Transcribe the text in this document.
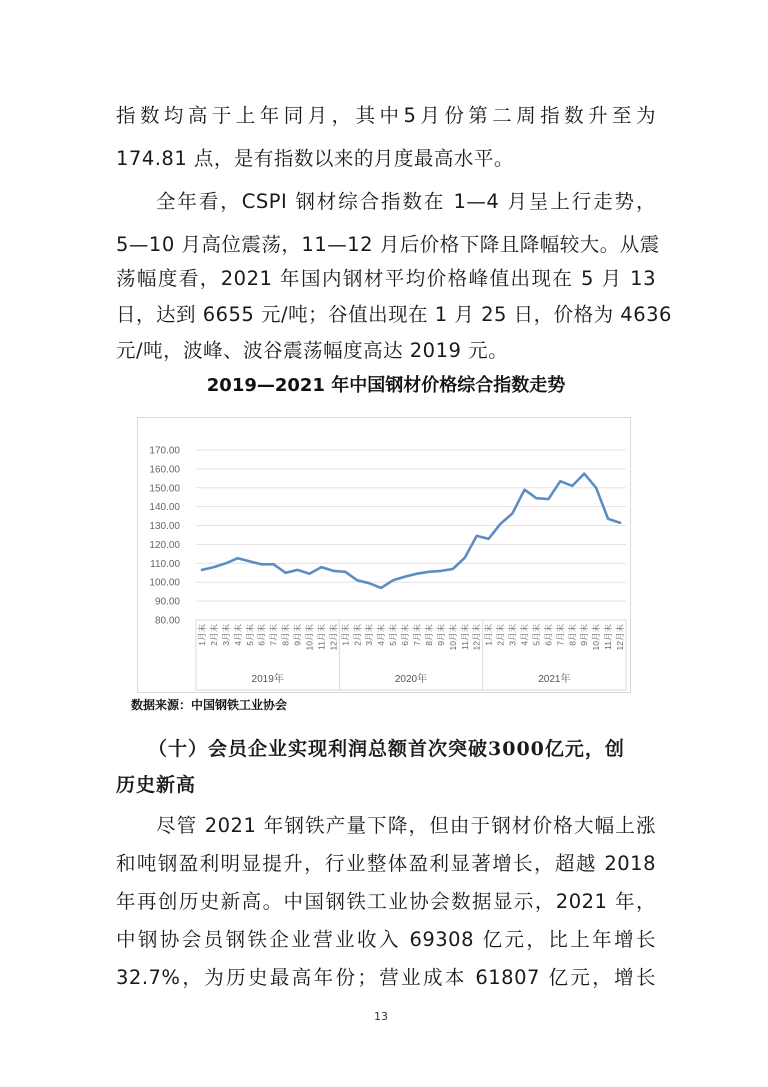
指数均高于上年同月，其中5月份第二周指数升至为
174.81 点，是有指数以来的月度最高水平。
全年看，CSPI 钢材综合指数在 1—4 月呈上行走势，
5—10 月高位震荡，11—12 月后价格下降且降幅较大。从震
荡幅度看，2021 年国内钢材平均价格峰值出现在 5 月 13
日，达到 6655 元/吨；谷值出现在 1 月 25 日，价格为 4636
元/吨，波峰、波谷震荡幅度高达 2019 元。
2019—2021 年中国钢材价格综合指数走势
80.00
90.00
100.00
110.00
120.00
130.00
140.00
150.00
160.00
170.00
2019年	2020年	2021年
1月末 2月末 3月末 4月末 5月末 6月末 7月末 8月末 9月末 10月末 11月末 12月末 1月末 2月末 3月末 4月末 5月末 6月末 7月末 8月末 9月末 10月末 11月末 12月末 1月末 2月末 3月末 4月末 5月末 6月末 7月末 8月末 9月末 10月末 11月末 12月末
数据来源：中国钢铁工业协会
（十）会员企业实现利润总额首次突破3000亿元，创
历史新高
尽管 2021 年钢铁产量下降，但由于钢材价格大幅上涨
和吨钢盈利明显提升，行业整体盈利显著增长，超越 2018
年再创历史新高。中国钢铁工业协会数据显示，2021 年，
中钢协会员钢铁企业营业收入 69308 亿元，比上年增长
32.7%，为历史最高年份；营业成本 61807 亿元，增长
13
